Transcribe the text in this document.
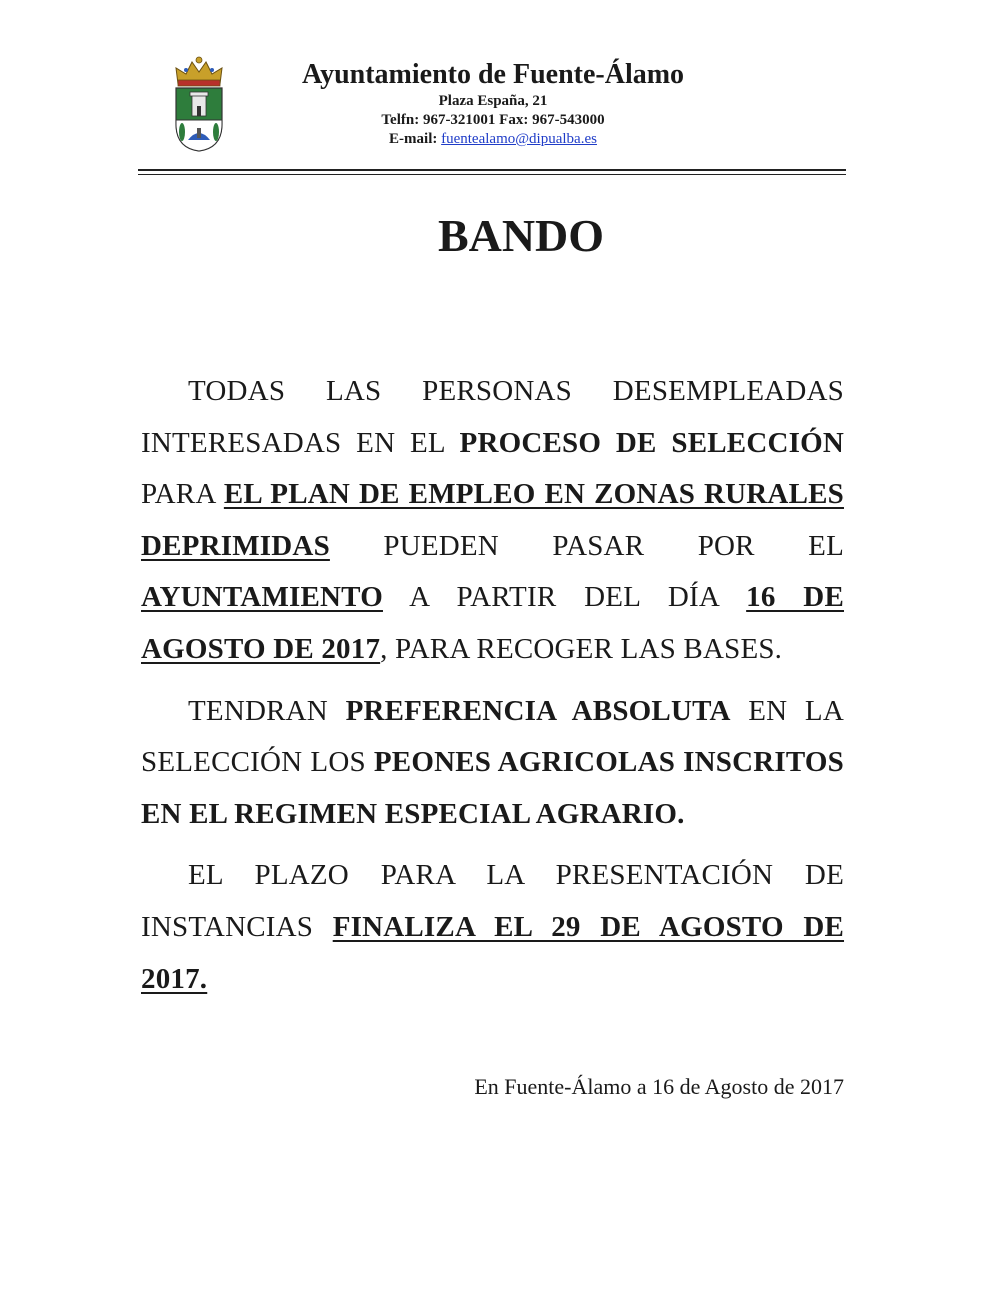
Ayuntamiento de Fuente-Álamo
Plaza España, 21
Telfn: 967-321001 Fax: 967-543000
E-mail: fuentealamo@dipualba.es
BANDO

TODAS LAS PERSONAS DESEMPLEADAS INTERESADAS EN EL PROCESO DE SELECCIÓN PARA EL PLAN DE EMPLEO EN ZONAS RURALES DEPRIMIDAS PUEDEN PASAR POR EL AYUNTAMIENTO A PARTIR DEL DÍA 16 DE AGOSTO DE 2017, PARA RECOGER LAS BASES.

TENDRAN PREFERENCIA ABSOLUTA EN LA SELECCIÓN LOS PEONES AGRICOLAS INSCRITOS EN EL REGIMEN ESPECIAL AGRARIO.

EL PLAZO PARA LA PRESENTACIÓN DE INSTANCIAS FINALIZA EL 29 DE AGOSTO DE 2017.

En Fuente-Álamo a 16 de Agosto de 2017
